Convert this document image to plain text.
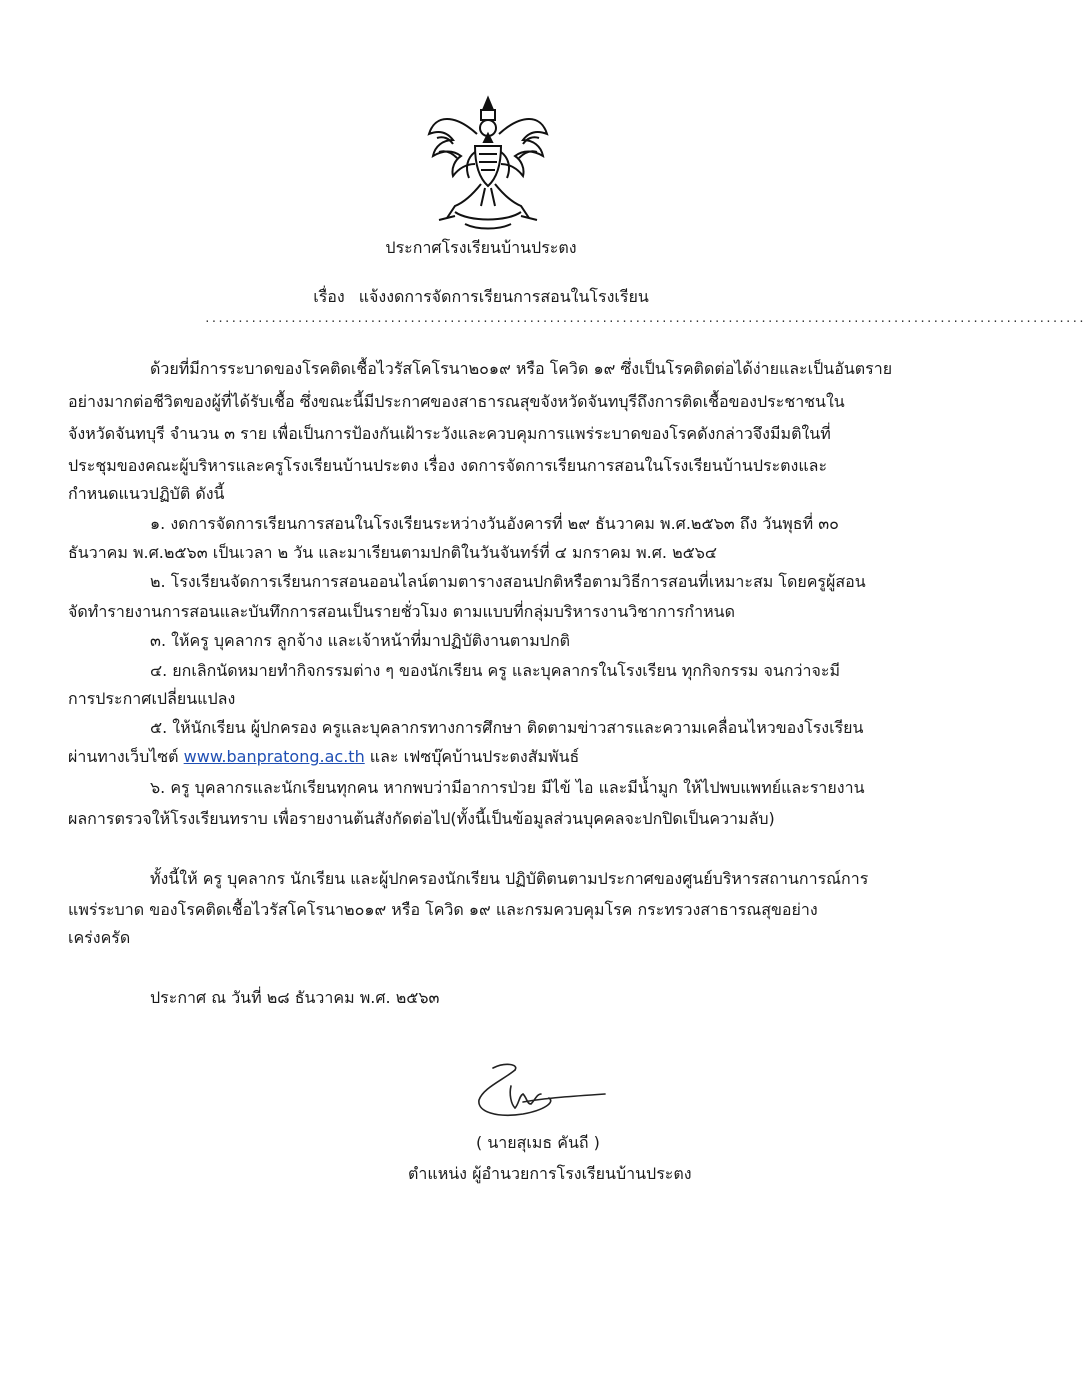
ประกาศโรงเรียนบ้านประตง
เรื่อง แจ้งงดการจัดการเรียนการสอนในโรงเรียน
.....................................................................................................................................
ด้วยที่มีการระบาดของโรคติดเชื้อไวรัสโคโรนา๒๐๑๙ หรือ โควิด ๑๙ ซึ่งเป็นโรคติดต่อได้ง่ายและเป็นอันตราย
อย่างมากต่อชีวิตของผู้ที่ได้รับเชื้อ ซึ่งขณะนี้มีประกาศของสาธารณสุขจังหวัดจันทบุรีถึงการติดเชื้อของประชาชนใน
จังหวัดจันทบุรี จำนวน ๓ ราย เพื่อเป็นการป้องกันเฝ้าระวังและควบคุมการแพร่ระบาดของโรคดังกล่าวจึงมีมติในที่
ประชุมของคณะผู้บริหารและครูโรงเรียนบ้านประตง เรื่อง งดการจัดการเรียนการสอนในโรงเรียนบ้านประตงและ
กำหนดแนวปฏิบัติ ดังนี้
๑. งดการจัดการเรียนการสอนในโรงเรียนระหว่างวันอังคารที่ ๒๙ ธันวาคม พ.ศ.๒๕๖๓ ถึง วันพุธที่ ๓๐
ธันวาคม พ.ศ.๒๕๖๓ เป็นเวลา ๒ วัน และมาเรียนตามปกติในวันจันทร์ที่ ๔ มกราคม พ.ศ. ๒๕๖๔
๒. โรงเรียนจัดการเรียนการสอนออนไลน์ตามตารางสอนปกติหรือตามวิธีการสอนที่เหมาะสม โดยครูผู้สอน
จัดทำรายงานการสอนและบันทึกการสอนเป็นรายชั่วโมง ตามแบบที่กลุ่มบริหารงานวิชาการกำหนด
๓. ให้ครู บุคลากร ลูกจ้าง และเจ้าหน้าที่มาปฏิบัติงานตามปกติ
๔. ยกเลิกนัดหมายทำกิจกรรมต่าง ๆ ของนักเรียน ครู และบุคลากรในโรงเรียน ทุกกิจกรรม จนกว่าจะมี
การประกาศเปลี่ยนแปลง
๕. ให้นักเรียน ผู้ปกครอง ครูและบุคลากรทางการศึกษา ติดตามข่าวสารและความเคลื่อนไหวของโรงเรียน
ผ่านทางเว็บไซต์ www.banpratong.ac.th และ เฟซบุ๊คบ้านประตงสัมพันธ์
๖. ครู บุคลากรและนักเรียนทุกคน หากพบว่ามีอาการป่วย มีไข้ ไอ และมีน้ำมูก ให้ไปพบแพทย์และรายงาน
ผลการตรวจให้โรงเรียนทราบ เพื่อรายงานต้นสังกัดต่อไป(ทั้งนี้เป็นข้อมูลส่วนบุคคลจะปกปิดเป็นความลับ)
ทั้งนี้ให้ ครู บุคลากร นักเรียน และผู้ปกครองนักเรียน ปฏิบัติตนตามประกาศของศูนย์บริหารสถานการณ์การ
แพร่ระบาด ของโรคติดเชื้อไวรัสโคโรนา๒๐๑๙ หรือ โควิด ๑๙ และกรมควบคุมโรค กระทรวงสาธารณสุขอย่าง
เคร่งครัด
ประกาศ ณ วันที่ ๒๘ ธันวาคม พ.ศ. ๒๕๖๓
( นายสุเมธ คันถี )
ตำแหน่ง ผู้อำนวยการโรงเรียนบ้านประตง
